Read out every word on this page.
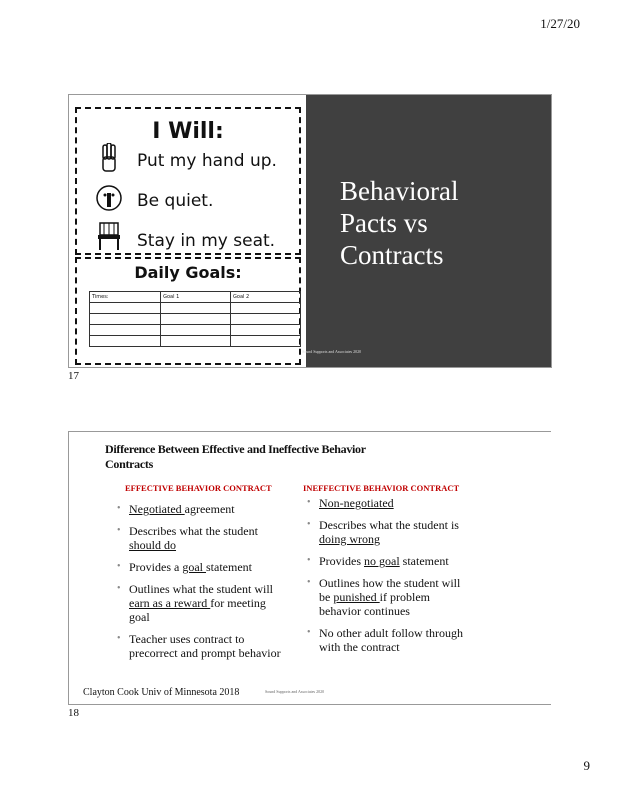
1/27/20
I Will:
Put my hand up.
Be quiet.
Stay in my seat.
Daily Goals:
Times:	Goal 1	Goal 2

Behavioral
Pacts vs
Contracts
Sound Supports and Associates 2020
17
Difference Between Effective and Ineffective Behavior
Contracts
EFFECTIVE BEHAVIOR CONTRACT	INEFFECTIVE BEHAVIOR CONTRACT
• Negotiated agreement
• Describes what the student should do
• Provides a goal statement
• Outlines what the student will earn as a reward for meeting goal
• Teacher uses contract to precorrect and prompt behavior
• Non-negotiated
• Describes what the student is doing wrong
• Provides no goal statement
• Outlines how the student will be punished if problem behavior continues
• No other adult follow through with the contract
Clayton Cook Univ of Minnesota 2018	Sound Supports and Associates 2020
18
9
